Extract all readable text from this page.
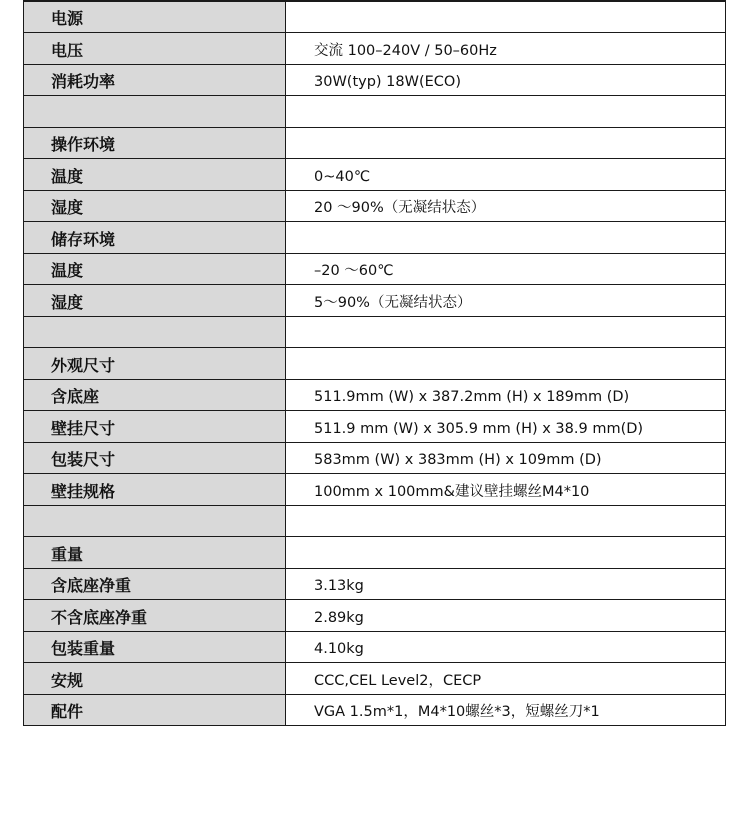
电源	

电压	交流 100–240V / 50–60Hz

消耗功率	30W(typ) 18W(ECO)

操作环境	

温度	0~40℃

湿度	20 ～90%（无凝结状态）

储存环境	

温度	–20 ～60℃

湿度	5～90%（无凝结状态）

外观尺寸	

含底座	511.9mm (W) x 387.2mm (H) x 189mm (D)

壁挂尺寸	511.9 mm (W) x 305.9 mm (H) x 38.9 mm(D)

包装尺寸	583mm (W) x 383mm (H) x 109mm (D)

壁挂规格	100mm x 100mm&建议壁挂螺丝M4*10

重量	

含底座净重	3.13kg

不含底座净重	2.89kg

包装重量	4.10kg

安规	CCC,CEL Level2，CECP

配件	VGA 1.5m*1，M4*10螺丝*3，短螺丝刀*1
